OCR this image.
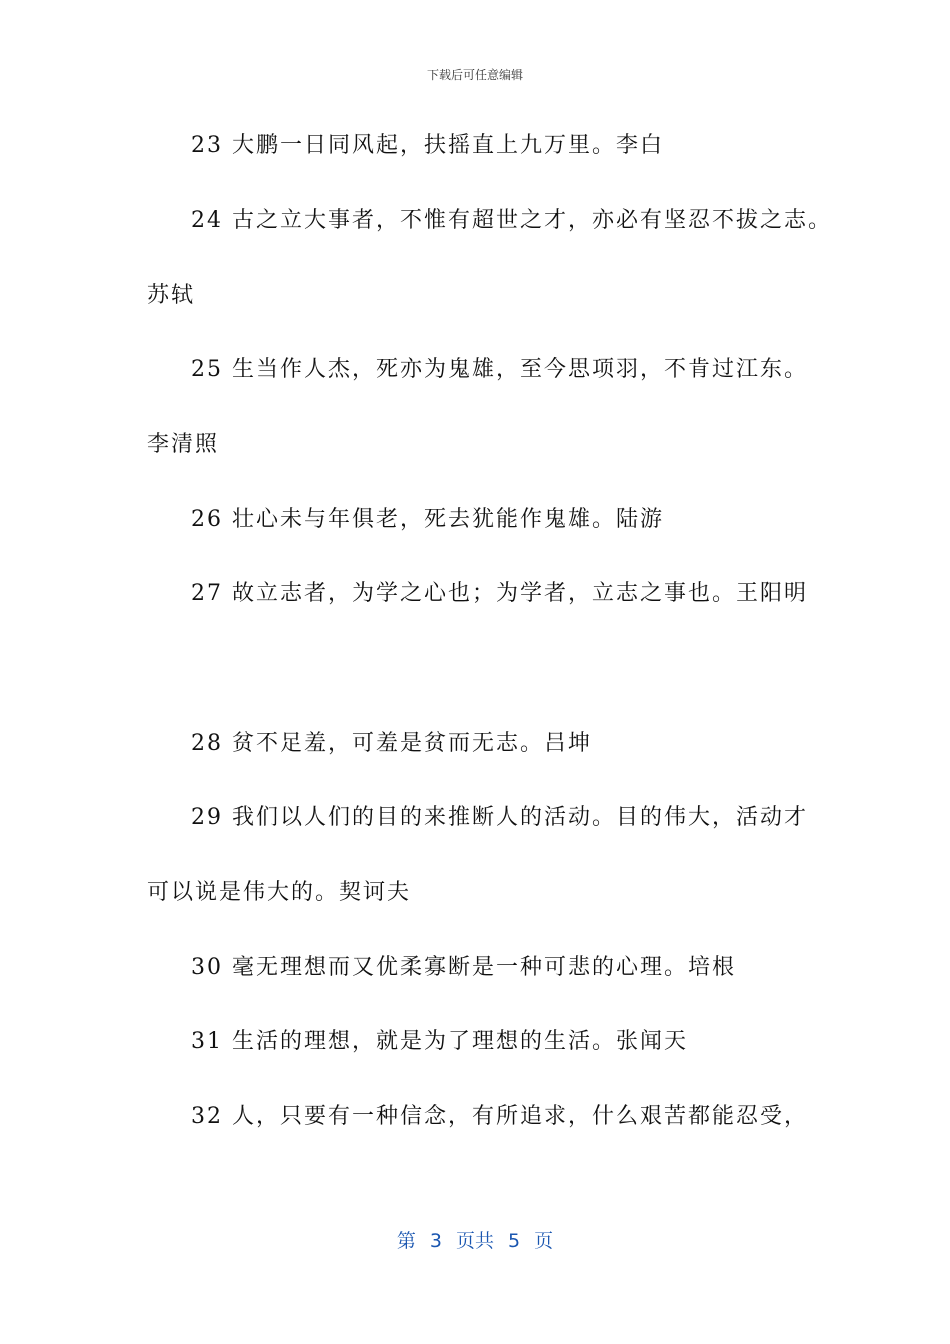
下载后可任意编辑
23 大鹏一日同风起，扶摇直上九万里。李白
24 古之立大事者，不惟有超世之才，亦必有坚忍不拔之志。
苏轼
25 生当作人杰，死亦为鬼雄，至今思项羽，不肯过江东。
李清照
26 壮心未与年俱老，死去犹能作鬼雄。陆游
27 故立志者，为学之心也；为学者，立志之事也。王阳明
28 贫不足羞，可羞是贫而无志。吕坤
29 我们以人们的目的来推断人的活动。目的伟大，活动才
可以说是伟大的。契诃夫
30 毫无理想而又优柔寡断是一种可悲的心理。培根
31 生活的理想，就是为了理想的生活。张闻天
32 人，只要有一种信念，有所追求，什么艰苦都能忍受，
第 3 页共 5 页
